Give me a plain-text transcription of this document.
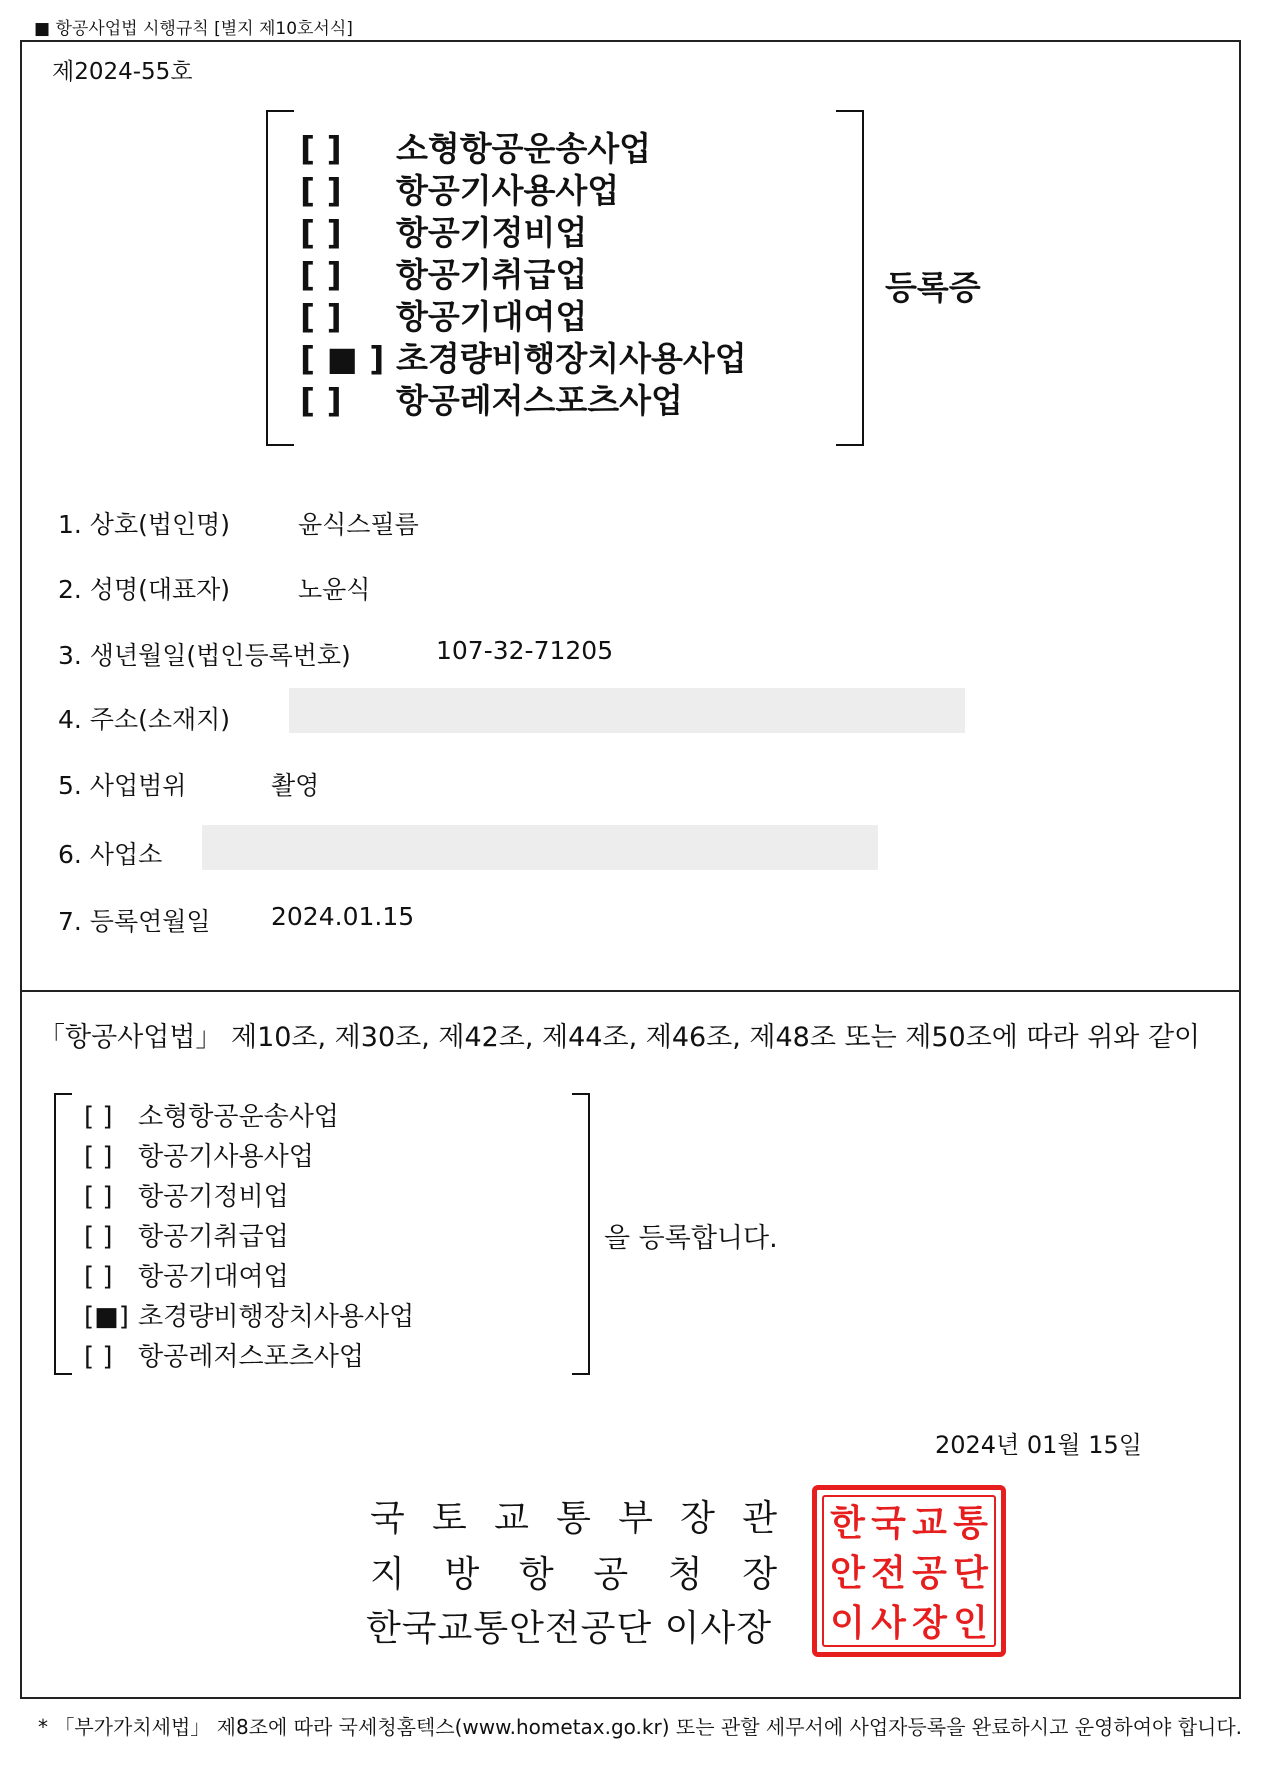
■ 항공사업법 시행규칙 [별지 제10호서식]
제2024-55호
[ ] 소형항공운송사업
[ ] 항공기사용사업
[ ] 항공기정비업
[ ] 항공기취급업
[ ] 항공기대여업
[ ■ ] 초경량비행장치사용사업
[ ] 항공레저스포츠사업
등록증
1. 상호(법인명)	윤식스필름
2. 성명(대표자)	노윤식
3. 생년월일(법인등록번호)	107-32-71205
4. 주소(소재지)
5. 사업범위	촬영
6. 사업소
7. 등록연월일 2024.01.15
「항공사업법」 제10조, 제30조, 제42조, 제44조, 제46조, 제48조 또는 제50조에 따라 위와 같이
[ ] 소형항공운송사업
[ ] 항공기사용사업
[ ] 항공기정비업
[ ] 항공기취급업
[ ] 항공기대여업
[■] 초경량비행장치사용사업
[ ] 항공레저스포츠사업
을 등록합니다.
2024년 01월 15일
국 토 교 통 부 장 관
지 방 항 공 청 장
한국교통안전공단 이사장
한 국 교 통
안 전 공 단
이 사 장 인
* 「부가가치세법」 제8조에 따라 국세청홈텍스(www.hometax.go.kr) 또는 관할 세무서에 사업자등록을 완료하시고 운영하여야 합니다.
